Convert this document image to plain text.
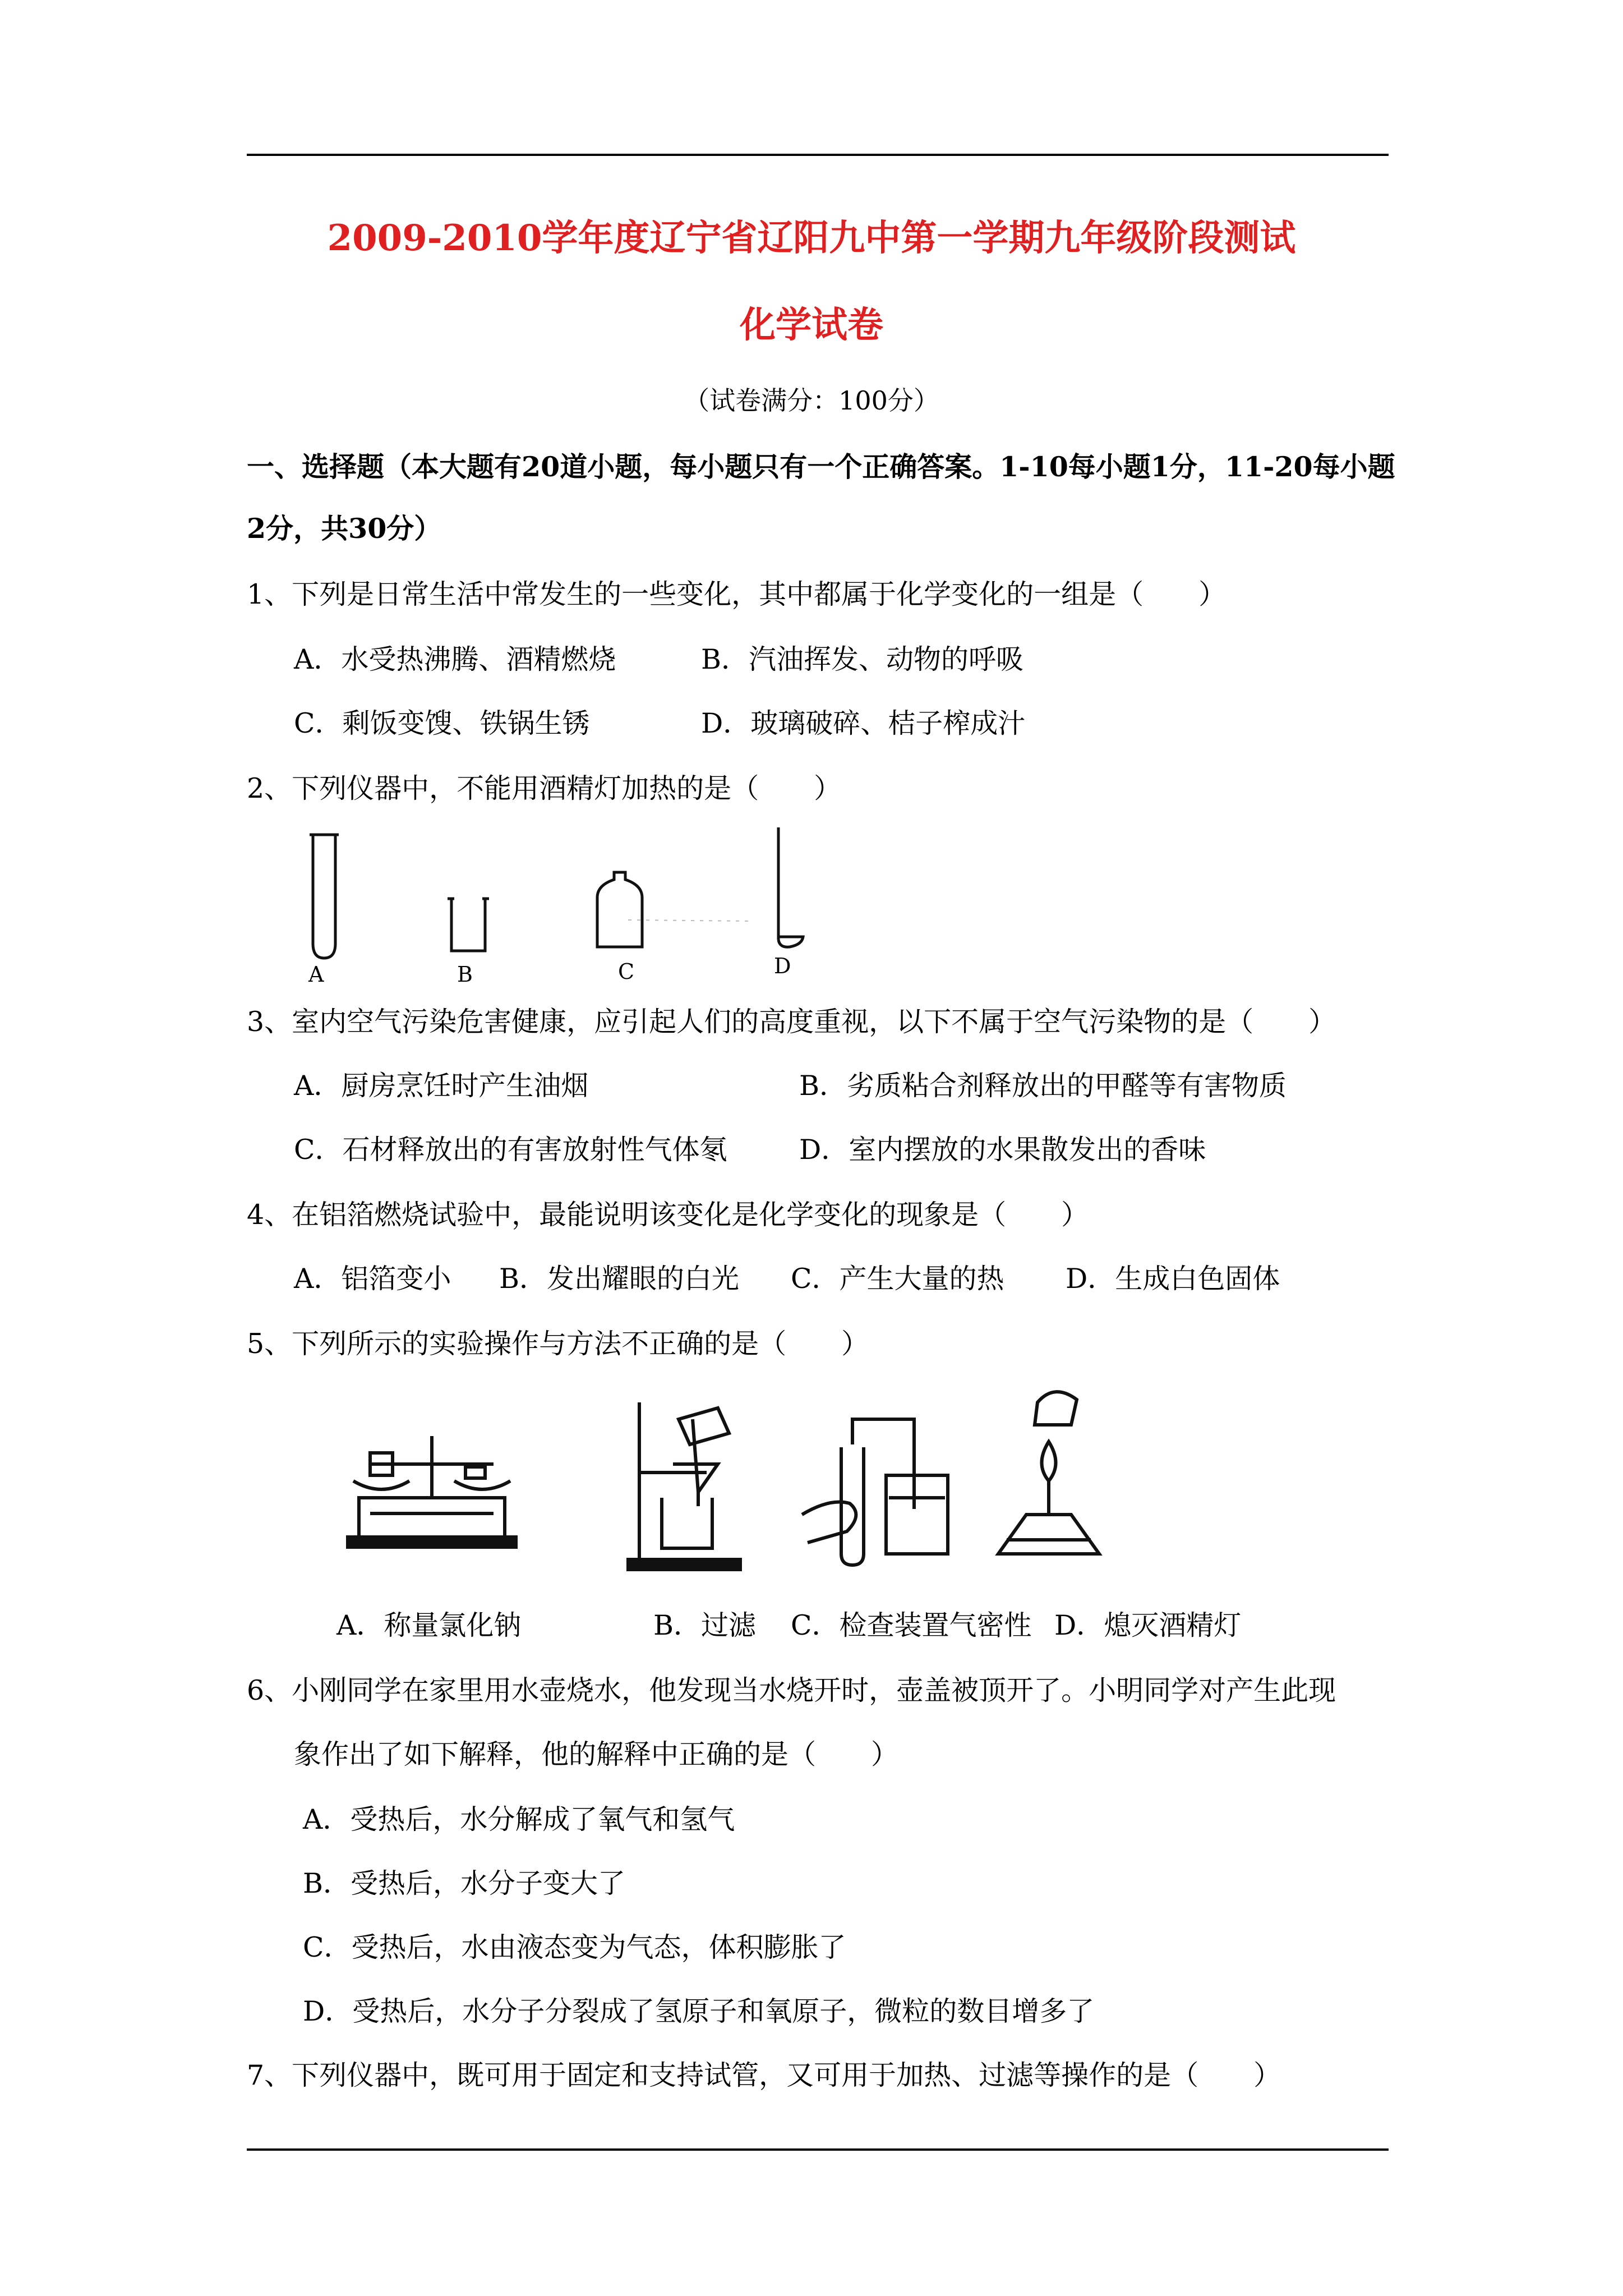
2009-2010学年度辽宁省辽阳九中第一学期九年级阶段测试
化学试卷
（试卷满分：100分）
一、选择题（本大题有20道小题，每小题只有一个正确答案。1-10每小题1分，11-20每小题
2分，共30分）
1、下列是日常生活中常发生的一些变化，其中都属于化学变化的一组是（　　）
A．水受热沸腾、酒精燃烧	B．汽油挥发、动物的呼吸
C．剩饭变馊、铁锅生锈	D．玻璃破碎、桔子榨成汁
2、下列仪器中，不能用酒精灯加热的是（　　）
A	B	C	D
3、室内空气污染危害健康，应引起人们的高度重视，以下不属于空气污染物的是（　　）
A．厨房烹饪时产生油烟	B．劣质粘合剂释放出的甲醛等有害物质
C．石材释放出的有害放射性气体氡	D．室内摆放的水果散发出的香味
4、在铝箔燃烧试验中，最能说明该变化是化学变化的现象是（　　）
A．铝箔变小 B．发出耀眼的白光 C．产生大量的热 D．生成白色固体
5、下列所示的实验操作与方法不正确的是（　　）
A．称量氯化钠	B．过滤 C．检查装置气密性 D．熄灭酒精灯
6、小刚同学在家里用水壶烧水，他发现当水烧开时，壶盖被顶开了。小明同学对产生此现
象作出了如下解释，他的解释中正确的是（　　）
A．受热后，水分解成了氧气和氢气
B．受热后，水分子变大了
C．受热后，水由液态变为气态，体积膨胀了
D．受热后，水分子分裂成了氢原子和氧原子，微粒的数目增多了
7、下列仪器中，既可用于固定和支持试管，又可用于加热、过滤等操作的是（　　）
